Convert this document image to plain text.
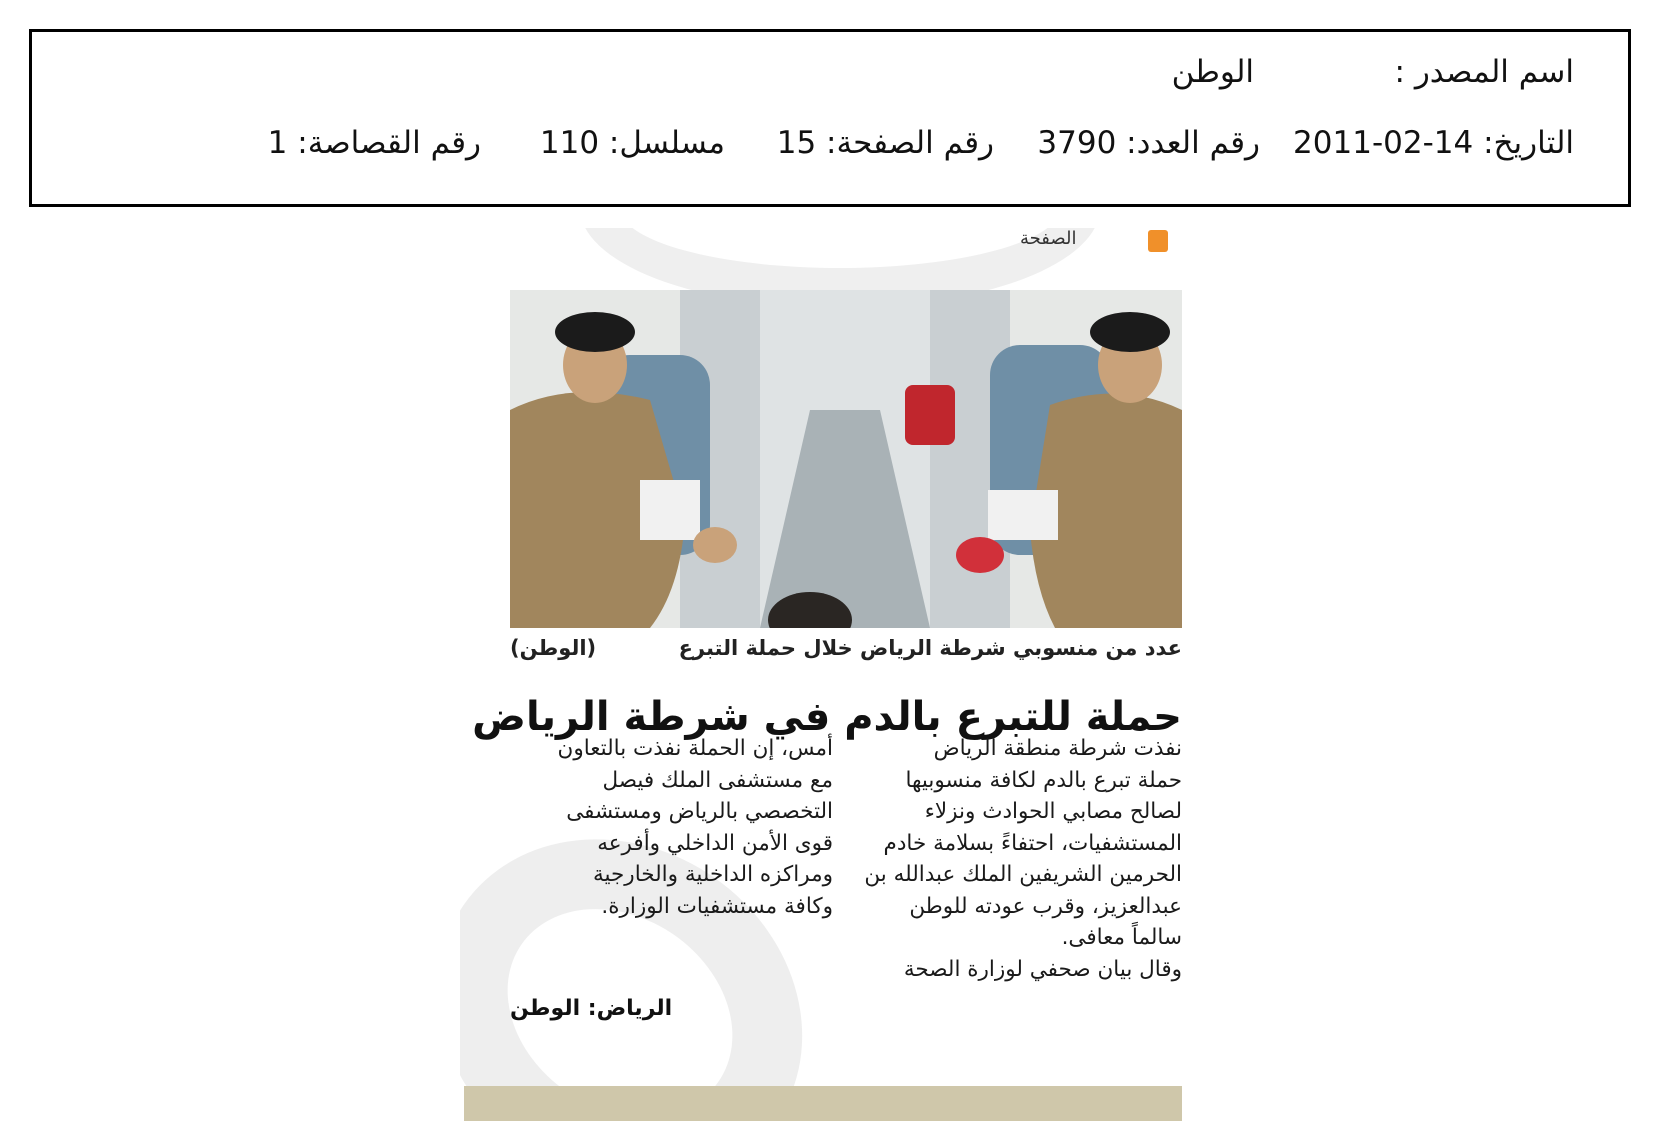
اسم المصدر :
الوطن
التاريخ: 14-02-2011
رقم العدد: 3790
رقم الصفحة: 15
مسلسل: 110
رقم القصاصة: 1
الصفحة
عدد من منسوبي شرطة الرياض خلال حملة التبرع
(الوطن)
حملة للتبرع بالدم في شرطة الرياض

نفذت شرطة منطقة الرياض

حملة تبرع بالدم لكافة منسوبيها

لصالح مصابي الحوادث ونزلاء

المستشفيات، احتفاءً بسلامة خادم

الحرمين الشريفين الملك عبدالله بن

عبدالعزيز، وقرب عودته للوطن

سالماً معافى.

وقال بيان صحفي لوزارة الصحة

أمس، إن الحملة نفذت بالتعاون

مع مستشفى الملك فيصل

التخصصي بالرياض ومستشفى

قوى الأمن الداخلي وأفرعه

ومراكزه الداخلية والخارجية

وكافة مستشفيات الوزارة.

الرياض: الوطن
